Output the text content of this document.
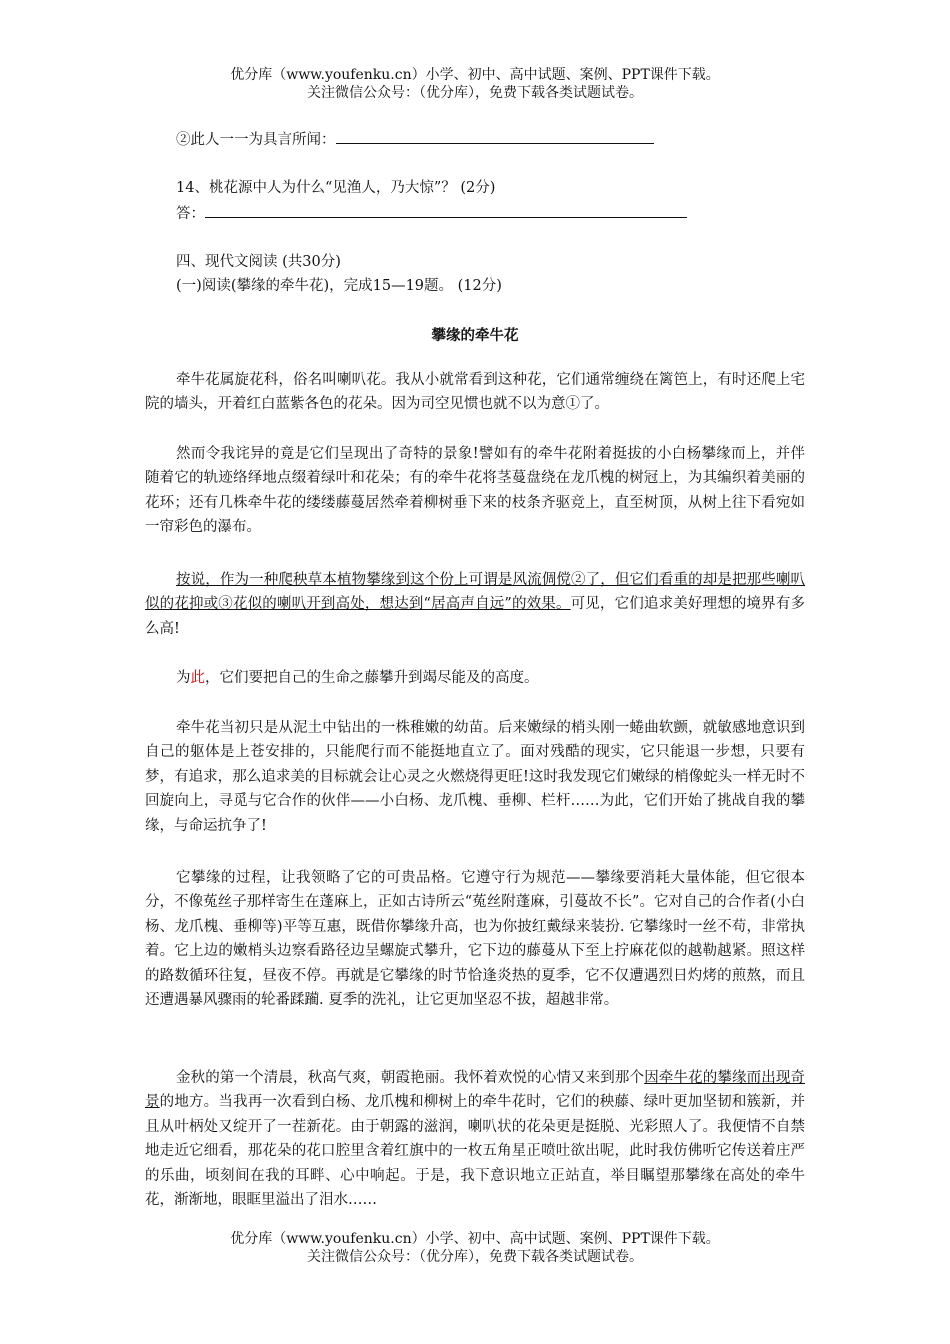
优分库（www.youfenku.cn）小学、初中、高中试题、案例、PPT课件下载。

关注微信公众号：（优分库），免费下载各类试题试卷。

②此人一一为具言所闻：
14、桃花源中人为什么“见渔人，乃大惊”？ (2分)
答：
四、现代文阅读 (共30分)
(一)阅读(攀缘的牵牛花)，完成15—19题。 (12分)
攀缘的牵牛花

牵牛花属旋花科，俗名叫喇叭花。我从小就常看到这种花，它们通常缠绕在篱笆上，有时还爬上宅院的墙头，开着红白蓝紫各色的花朵。因为司空见惯也就不以为意①了。

然而令我诧异的竟是它们呈现出了奇特的景象!譬如有的牵牛花附着挺拔的小白杨攀缘而上，并伴随着它的轨迹络绎地点缀着绿叶和花朵；有的牵牛花将茎蔓盘绕在龙爪槐的树冠上，为其编织着美丽的花环；还有几株牵牛花的缕缕藤蔓居然牵着柳树垂下来的枝条齐驱竞上，直至树顶，从树上往下看宛如一帘彩色的瀑布。

按说，作为一种爬秧草本植物攀缘到这个份上可谓是风流倜傥②了，但它们看重的却是把那些喇叭似的花抑或③花似的喇叭开到高处，想达到“居高声自远”的效果。可见，它们追求美好理想的境界有多么高!

为此，它们要把自己的生命之藤攀升到竭尽能及的高度。

牵牛花当初只是从泥土中钻出的一株稚嫩的幼苗。后来嫩绿的梢头刚一蜷曲软颤，就敏感地意识到自己的躯体是上苍安排的，只能爬行而不能挺地直立了。面对残酷的现实，它只能退一步想，只要有梦，有追求，那么追求美的目标就会让心灵之火燃烧得更旺!这时我发现它们嫩绿的梢像蛇头一样无时不回旋向上，寻觅与它合作的伙伴——小白杨、龙爪槐、垂柳、栏杆……为此，它们开始了挑战自我的攀缘，与命运抗争了!

它攀缘的过程，让我领略了它的可贵品格。它遵守行为规范——攀缘要消耗大量体能，但它很本分，不像菟丝子那样寄生在蓬麻上，正如古诗所云“菟丝附蓬麻，引蔓故不长”。它对自己的合作者(小白杨、龙爪槐、垂柳等)平等互惠，既借你攀缘升高，也为你披红戴绿来装扮. 它攀缘时一丝不苟，非常执着。它上边的嫩梢头边察看路径边呈螺旋式攀升，它下边的藤蔓从下至上拧麻花似的越勒越紧。照这样的路数循环往复，昼夜不停。再就是它攀缘的时节恰逢炎热的夏季，它不仅遭遇烈日灼烤的煎熬，而且还遭遇暴风骤雨的轮番蹂躏. 夏季的洗礼，让它更加坚忍不拔，超越非常。

金秋的第一个清晨，秋高气爽，朝霞艳丽。我怀着欢悦的心情又来到那个因牵牛花的攀缘而出现奇景的地方。当我再一次看到白杨、龙爪槐和柳树上的牵牛花时，它们的秧藤、绿叶更加坚韧和簇新，并且从叶柄处又绽开了一茬新花。由于朝露的滋润，喇叭状的花朵更是挺脱、光彩照人了。我便情不自禁地走近它细看，那花朵的花口腔里含着红旗中的一枚五角星正喷吐欲出呢，此时我仿佛听它传送着庄严的乐曲，顷刻间在我的耳畔、心中响起。于是，我下意识地立正站直，举目瞩望那攀缘在高处的牵牛花，渐渐地，眼眶里溢出了泪水……

优分库（www.youfenku.cn）小学、初中、高中试题、案例、PPT课件下载。

关注微信公众号：（优分库），免费下载各类试题试卷。
